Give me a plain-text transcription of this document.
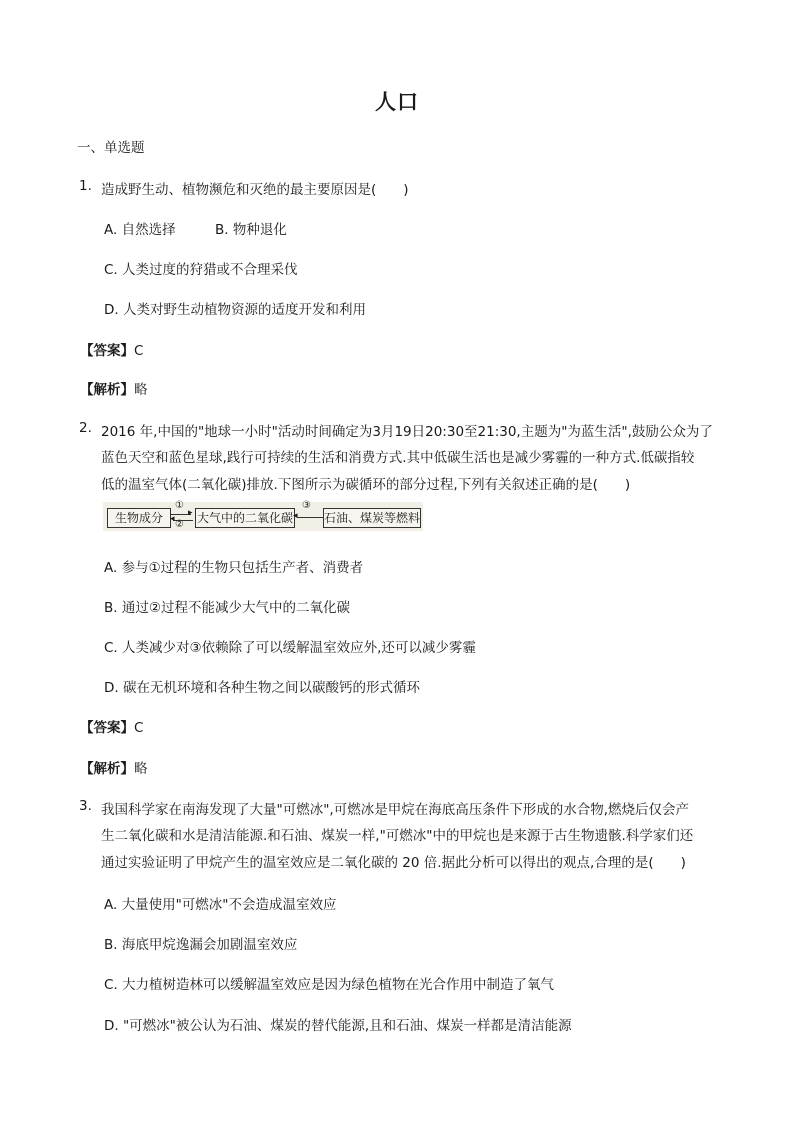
人口
一、单选题
1. 造成野生动、植物濒危和灭绝的最主要原因是(　　)
A. 自然选择	B. 物种退化
C. 人类过度的狩猎或不合理采伐
D. 人类对野生动植物资源的适度开发和利用
【答案】C
【解析】略
2. 2016 年,中国的"地球一小时"活动时间确定为3月19日20:30至21:30,主题为"为蓝生活",鼓励公众为了
蓝色天空和蓝色星球,践行可持续的生活和消费方式.其中低碳生活也是减少雾霾的一种方式.低碳指较
低的温室气体(二氧化碳)排放.下图所示为碳循环的部分过程,下列有关叙述正确的是(　　)
生物成分
①
▸
◂ ② 大气中的二氧化碳
③
◂ 石油、煤炭等燃料
A. 参与①过程的生物只包括生产者、消费者
B. 通过②过程不能减少大气中的二氧化碳
C. 人类减少对③依赖除了可以缓解温室效应外,还可以减少雾霾
D. 碳在无机环境和各种生物之间以碳酸钙的形式循环
【答案】C
【解析】略
3. 我国科学家在南海发现了大量"可燃冰",可燃冰是甲烷在海底高压条件下形成的水合物,燃烧后仅会产
生二氧化碳和水是清洁能源.和石油、煤炭一样,"可燃冰"中的甲烷也是来源于古生物遗骸.科学家们还
通过实验证明了甲烷产生的温室效应是二氧化碳的 20 倍.据此分析可以得出的观点,合理的是(　　)
A. 大量使用"可燃冰"不会造成温室效应
B. 海底甲烷逸漏会加剧温室效应
C. 大力植树造林可以缓解温室效应是因为绿色植物在光合作用中制造了氧气
D. "可燃冰"被公认为石油、煤炭的替代能源,且和石油、煤炭一样都是清洁能源
